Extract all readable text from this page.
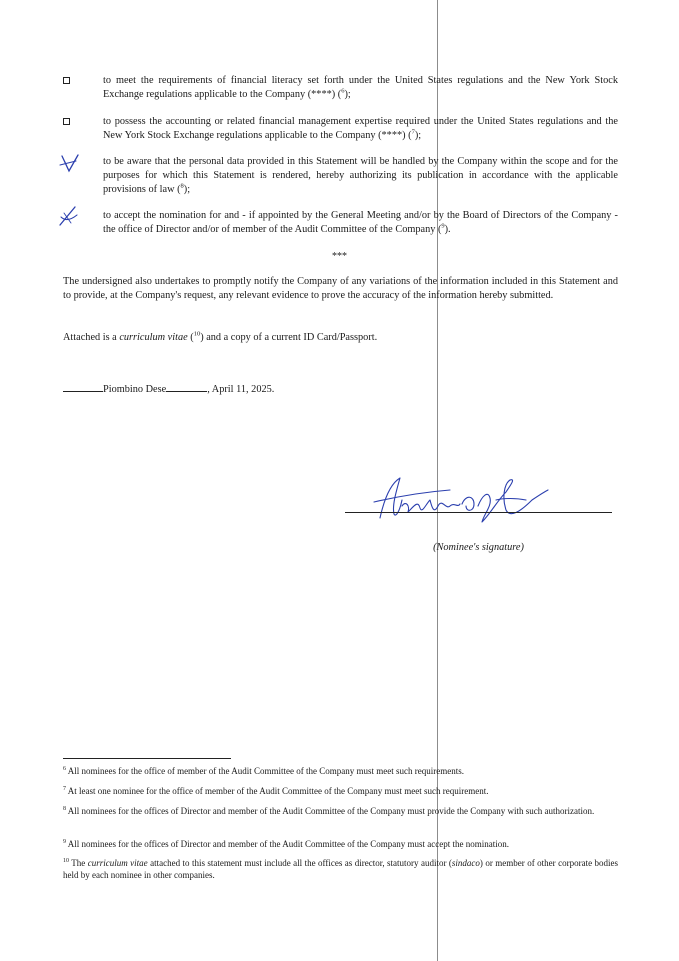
to meet the requirements of financial literacy set forth under the United States regulations and the New York Stock Exchange regulations applicable to the Company (****) ($^6$);
to possess the accounting or related financial management expertise required under the United States regulations and the New York Stock Exchange regulations applicable to the Company (****) ($^7$);
to be aware that the personal data provided in this Statement will be handled by the Company within the scope and for the purposes for which this Statement is rendered, hereby authorizing its publication in accordance with the applicable provisions of law ($^8$);
to accept the nomination for and - if appointed by the General Meeting and/or by the Board of Directors of the Company - the office of Director and/or of member of the Audit Committee of the Company ($^9$).
***
The undersigned also undertakes to promptly notify the Company of any variations of the information included in this Statement and to provide, at the Company's request, any relevant evidence to prove the accuracy of the information hereby submitted.
Attached is a curriculum vitae ($^{10}$) and a copy of a current ID Card/Passport.
Piombino Dese	, April 11, 2025.
(Nominee's signature)
$^6$ All nominees for the office of member of the Audit Committee of the Company must meet such requirements.
$^7$ At least one nominee for the office of member of the Audit Committee of the Company must meet such requirement.
$^8$ All nominees for the offices of Director and member of the Audit Committee of the Company must provide the Company with such authorization.
$^9$ All nominees for the offices of Director and member of the Audit Committee of the Company must accept the nomination.
$^{10}$ The curriculum vitae attached to this statement must include all the offices as director, statutory auditor (sindaco) or member of other corporate bodies held by each nominee in other companies.
